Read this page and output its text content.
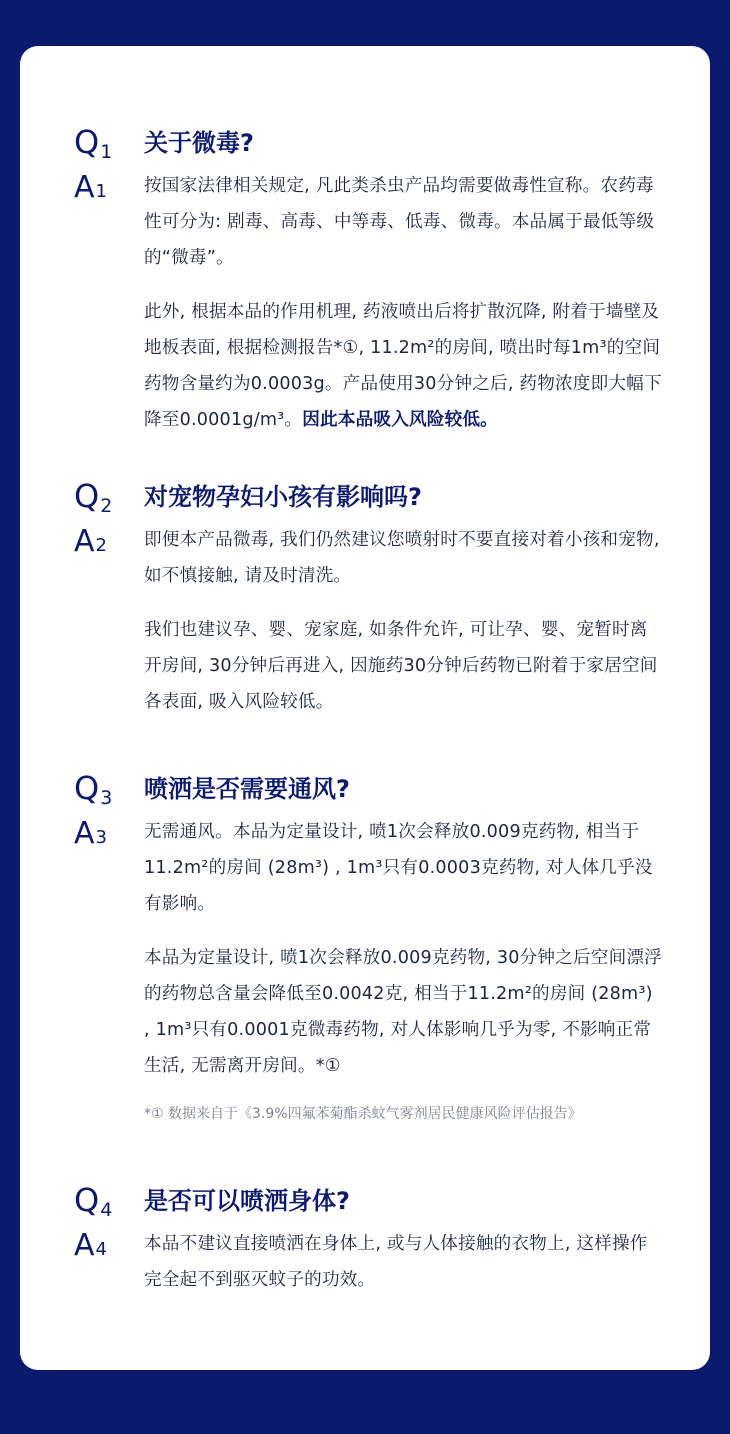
$Q_1$ 关于微毒?
A1 按国家法律相关规定, 凡此类杀虫产品均需要做毒性宣称。农药毒性可分为: 剧毒、高毒、中等毒、低毒、微毒。本品属于最低等级的“微毒”。

此外, 根据本品的作用机理, 药液喷出后将扩散沉降, 附着于墙壁及地板表面, 根据检测报告*①, 11.2m²的房间, 喷出时每1m³的空间药物含量约为0.0003g。产品使用30分钟之后, 药物浓度即大幅下降至0.0001g/m³。因此本品吸入风险较低。

$Q_2$ 对宠物孕妇小孩有影响吗?
A2 即便本产品微毒, 我们仍然建议您喷射时不要直接对着小孩和宠物, 如不慎接触, 请及时清洗。

我们也建议孕、婴、宠家庭, 如条件允许, 可让孕、婴、宠暂时离开房间, 30分钟后再进入, 因施药30分钟后药物已附着于家居空间各表面, 吸入风险较低。

$Q_3$ 喷洒是否需要通风?
A3 无需通风。本品为定量设计, 喷1次会释放0.009克药物, 相当于11.2m²的房间 (28m³) , 1m³只有0.0003克药物, 对人体几乎没有影响。

本品为定量设计, 喷1次会释放0.009克药物, 30分钟之后空间漂浮的药物总含量会降低至0.0042克, 相当于11.2m²的房间 (28m³) , 1m³只有0.0001克微毒药物, 对人体影响几乎为零, 不影响正常生活, 无需离开房间。*①

*① 数据来自于《3.9%四氟苯菊酯杀蚊气雾剂居民健康风险评估报告》

$Q_4$ 是否可以喷洒身体?
A4 本品不建议直接喷洒在身体上, 或与人体接触的衣物上, 这样操作完全起不到驱灭蚊子的功效。
